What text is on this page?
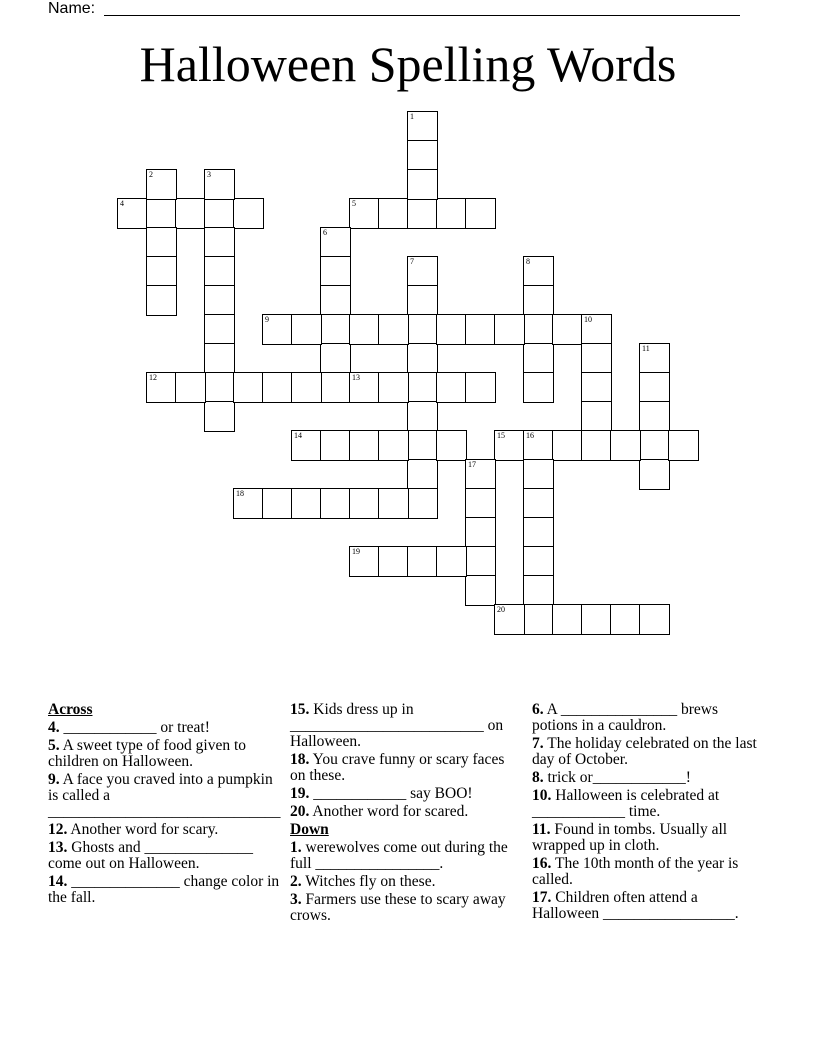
Name:
Halloween Spelling Words
1
2	3
4	5
6
7	8
9	10
11
12	13
14	15	16
17
18
19
20
Across
4. ____________ or treat!
5. A sweet type of food given to children on Halloween.
9. A face you craved into a pumpkin is called a ______________________________
12. Another word for scary.
13. Ghosts and ______________ come out on Halloween.
14. ______________ change color in the fall.
15. Kids dress up in _________________________ on Halloween.
18. You crave funny or scary faces on these.
19. ____________ say BOO!
20. Another word for scared.
Down
1. werewolves come out during the full ________________.
2. Witches fly on these.
3. Farmers use these to scary away crows.
6. A _______________ brews potions in a cauldron.
7. The holiday celebrated on the last day of October.
8. trick or____________!
10. Halloween is celebrated at ____________ time.
11. Found in tombs. Usually all wrapped up in cloth.
16. The 10th month of the year is called.
17. Children often attend a Halloween _________________.
